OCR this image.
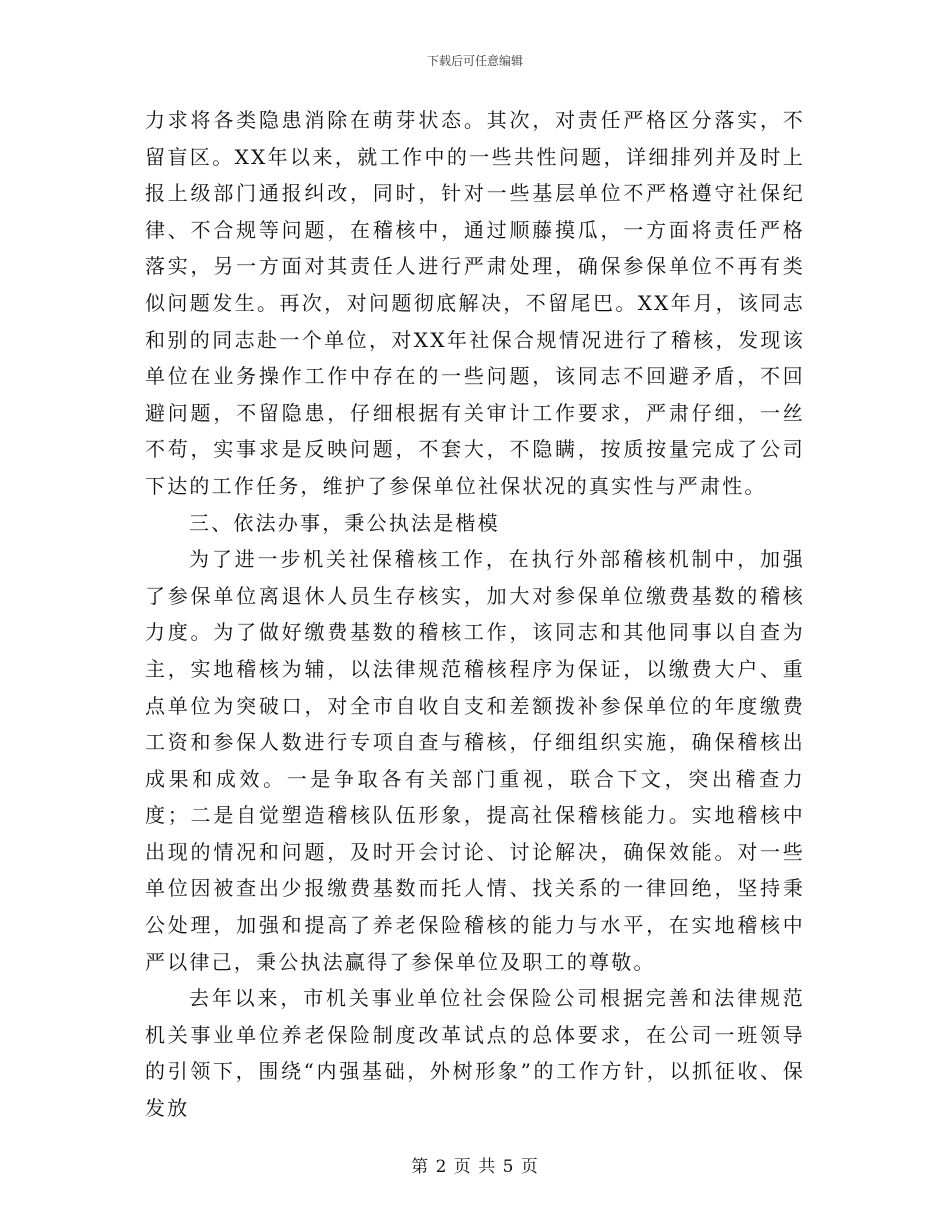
下载后可任意编辑

力求将各类隐患消除在萌芽状态。其次，对责任严格区分落实，不留盲区。XX年以来，就工作中的一些共性问题，详细排列并及时上报上级部门通报纠改，同时，针对一些基层单位不严格遵守社保纪律、不合规等问题，在稽核中，通过顺藤摸瓜，一方面将责任严格落实，另一方面对其责任人进行严肃处理，确保参保单位不再有类似问题发生。再次，对问题彻底解决，不留尾巴。XX年月，该同志和别的同志赴一个单位，对XX年社保合规情况进行了稽核，发现该单位在业务操作工作中存在的一些问题，该同志不回避矛盾，不回避问题，不留隐患，仔细根据有关审计工作要求，严肃仔细，一丝不苟，实事求是反映问题，不套大，不隐瞒，按质按量完成了公司下达的工作任务，维护了参保单位社保状况的真实性与严肃性。

三、依法办事，秉公执法是楷模

为了进一步机关社保稽核工作，在执行外部稽核机制中，加强了参保单位离退休人员生存核实，加大对参保单位缴费基数的稽核力度。为了做好缴费基数的稽核工作，该同志和其他同事以自查为主，实地稽核为辅，以法律规范稽核程序为保证，以缴费大户、重点单位为突破口，对全市自收自支和差额拨补参保单位的年度缴费工资和参保人数进行专项自查与稽核，仔细组织实施，确保稽核出成果和成效。一是争取各有关部门重视，联合下文，突出稽查力度；二是自觉塑造稽核队伍形象，提高社保稽核能力。实地稽核中出现的情况和问题，及时开会讨论、讨论解决，确保效能。对一些单位因被查出少报缴费基数而托人情、找关系的一律回绝，坚持秉公处理，加强和提高了养老保险稽核的能力与水平，在实地稽核中严以律己，秉公执法赢得了参保单位及职工的尊敬。

去年以来，市机关事业单位社会保险公司根据完善和法律规范机关事业单位养老保险制度改革试点的总体要求，在公司一班领导的引领下，围绕“内强基础，外树形象”的工作方针，以抓征收、保发放

第 2 页 共 5 页
